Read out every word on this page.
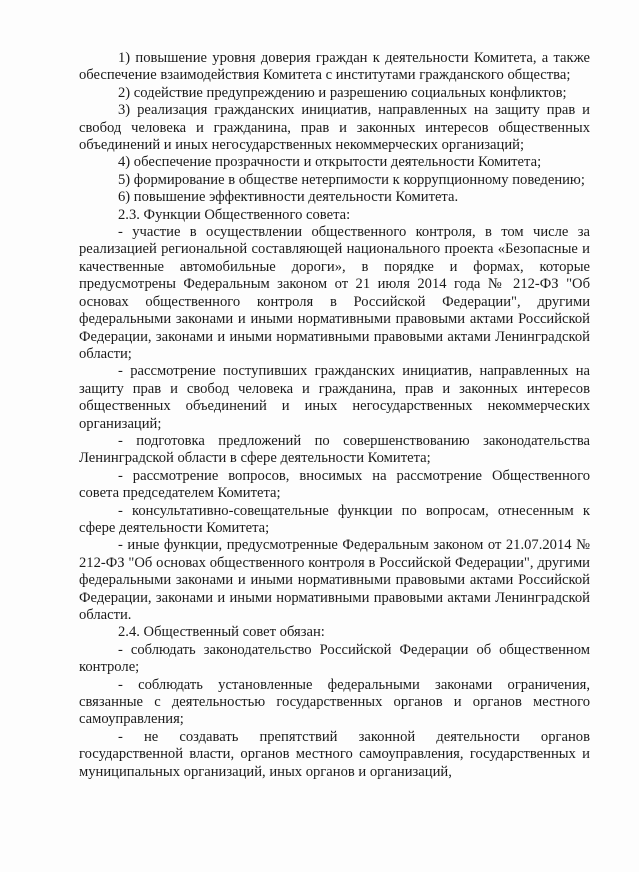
1) повышение уровня доверия граждан к деятельности Комитета, а также обеспечение взаимодействия Комитета с институтами гражданского общества;

2) содействие предупреждению и разрешению социальных конфликтов;

3) реализация гражданских инициатив, направленных на защиту прав и свобод человека и гражданина, прав и законных интересов общественных объединений и иных негосударственных некоммерческих организаций;

4) обеспечение прозрачности и открытости деятельности Комитета;

5) формирование в обществе нетерпимости к коррупционному поведению;

6) повышение эффективности деятельности Комитета.

2.3. Функции Общественного совета:

- участие в осуществлении общественного контроля, в том числе за реализацией региональной составляющей национального проекта «Безопасные и качественные автомобильные дороги», в порядке и формах, которые предусмотрены Федеральным законом от 21 июля 2014 года № 212-ФЗ "Об основах общественного контроля в Российской Федерации", другими федеральными законами и иными нормативными правовыми актами Российской Федерации, законами и иными нормативными правовыми актами Ленинградской области;

- рассмотрение поступивших гражданских инициатив, направленных на защиту прав и свобод человека и гражданина, прав и законных интересов общественных объединений и иных негосударственных некоммерческих организаций;

- подготовка предложений по совершенствованию законодательства Ленинградской области в сфере деятельности Комитета;

- рассмотрение вопросов, вносимых на рассмотрение Общественного совета председателем Комитета;

- консультативно-совещательные функции по вопросам, отнесенным к сфере деятельности Комитета;

- иные функции, предусмотренные Федеральным законом от 21.07.2014 № 212-ФЗ "Об основах общественного контроля в Российской Федерации", другими федеральными законами и иными нормативными правовыми актами Российской Федерации, законами и иными нормативными правовыми актами Ленинградской области.

2.4. Общественный совет обязан:

- соблюдать законодательство Российской Федерации об общественном контроле;

- соблюдать установленные федеральными законами ограничения, связанные с деятельностью государственных органов и органов местного самоуправления;

- не создавать препятствий законной деятельности органов государственной власти, органов местного самоуправления, государственных и муниципальных организаций, иных органов и организаций,
